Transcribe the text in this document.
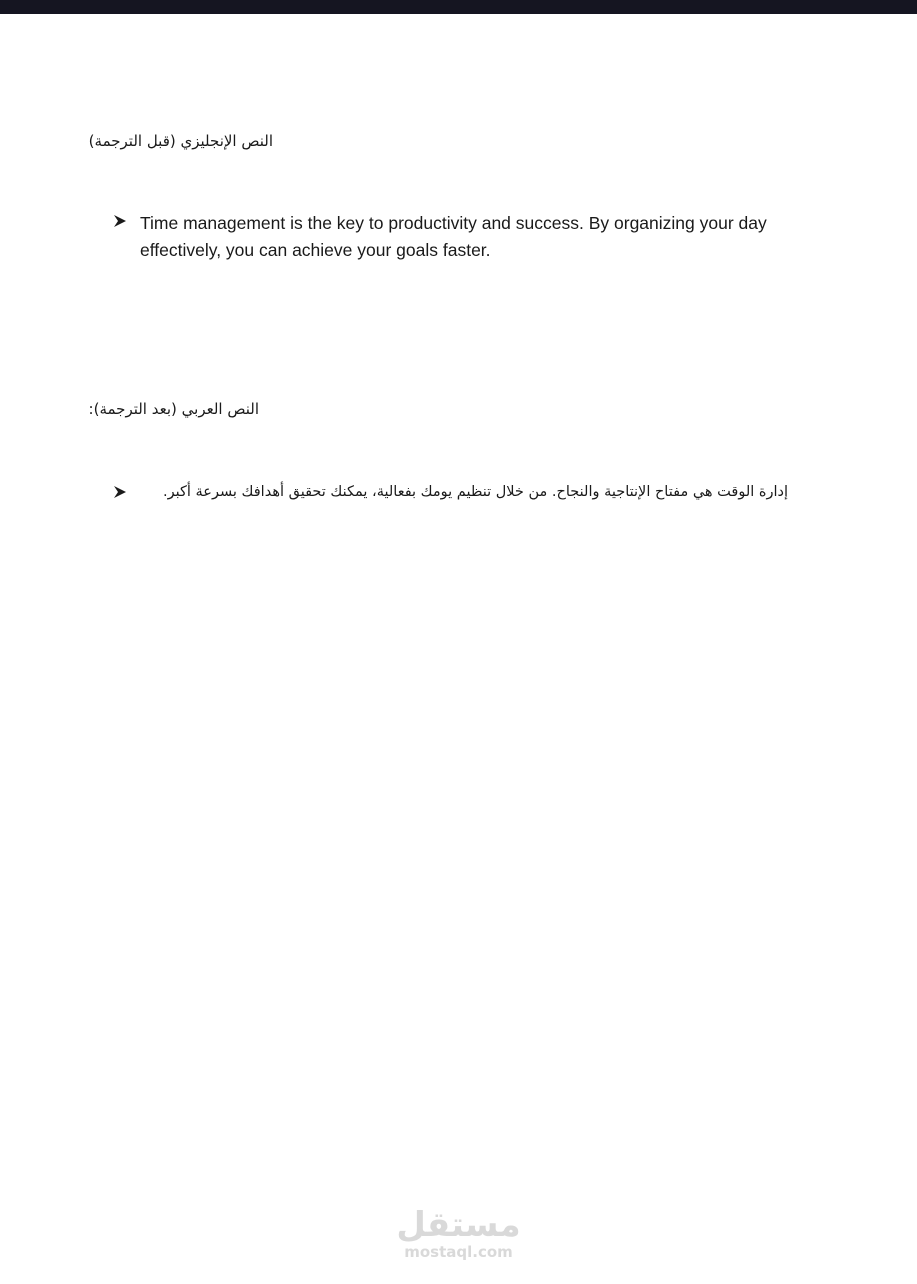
النص الإنجليزي (قبل الترجمة)
Time management is the key to productivity and success. By organizing your day effectively, you can achieve your goals faster.
النص العربي (بعد الترجمة):
إدارة الوقت هي مفتاح الإنتاجية والنجاح. من خلال تنظيم يومك بفعالية، يمكنك تحقيق أهدافك بسرعة أكبر.
مستقل
mostaql.com
